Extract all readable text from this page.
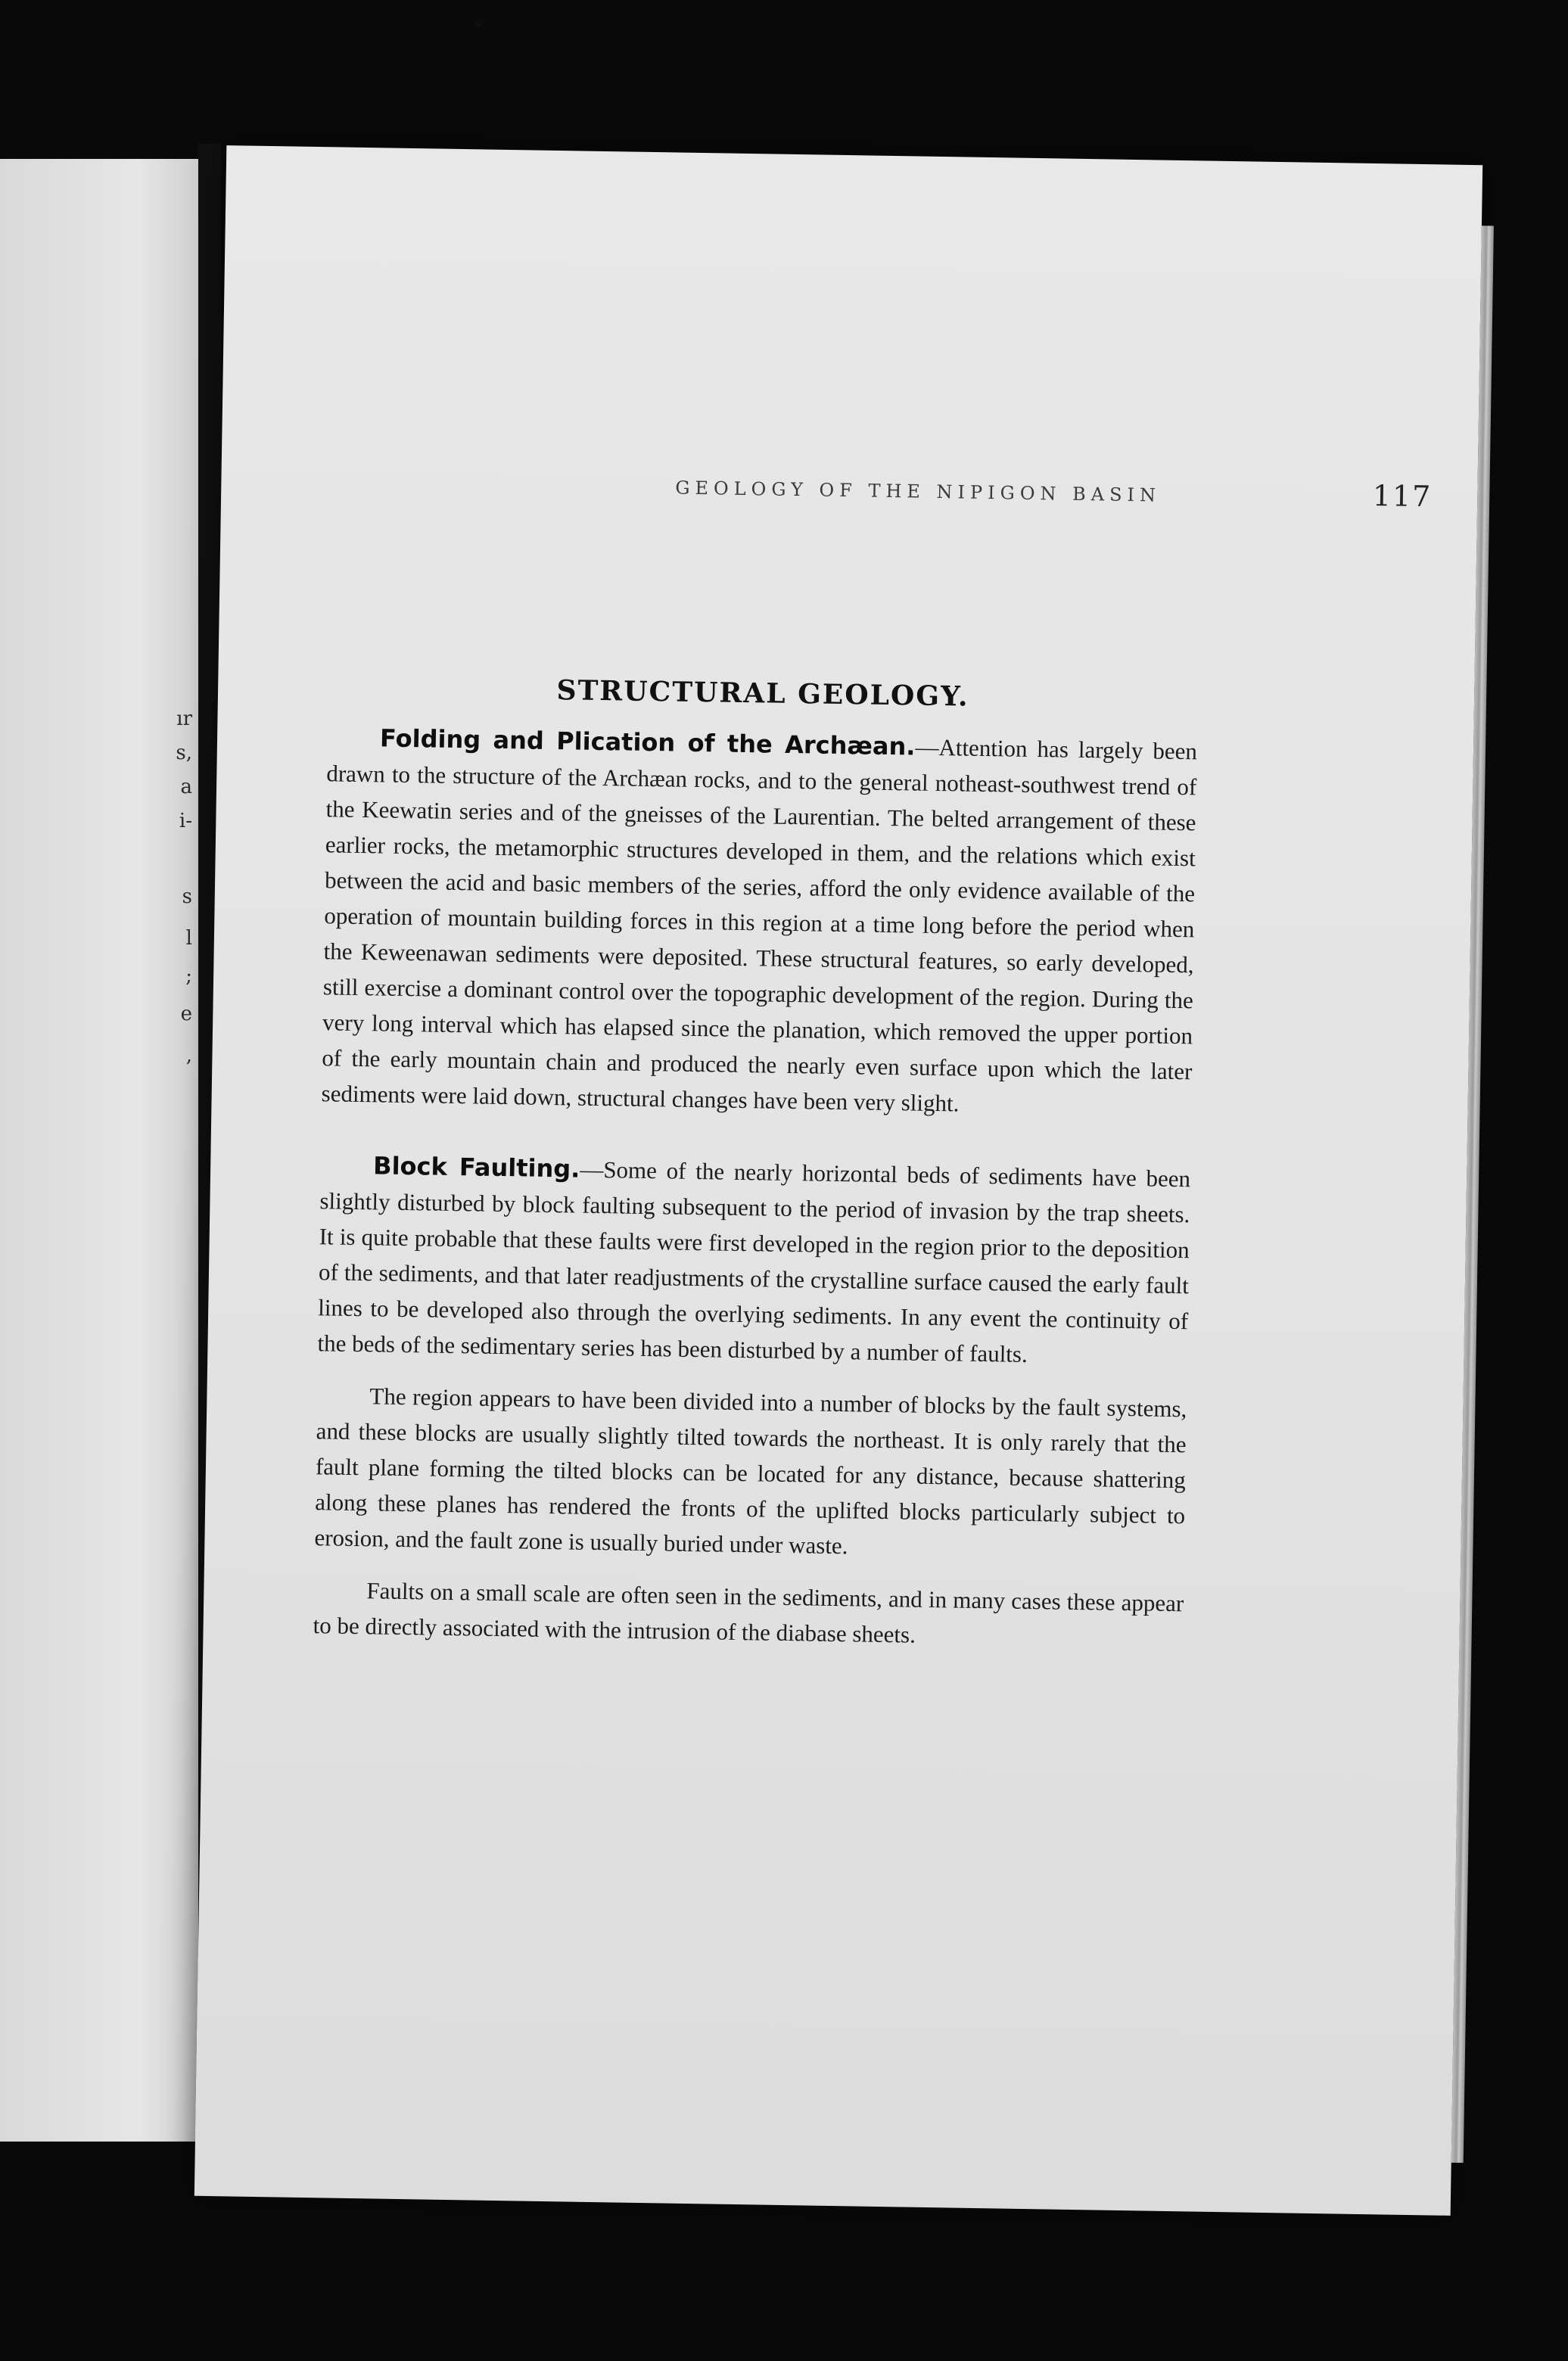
ır
s,
a
i-
s
l
;
e
,
GEOLOGY OF THE NIPIGON BASIN	117
STRUCTURAL GEOLOGY.

Folding and Plication of the Archæan.—Attention has largely been drawn to the structure of the Archæan rocks, and to the general notheast-southwest trend of the Keewatin series and of the gneisses of the Laurentian. The belted arrangement of these earlier rocks, the metamorphic structures developed in them, and the relations which exist between the acid and basic members of the series, afford the only evidence available of the operation of mountain building forces in this region at a time long before the period when the Keweenawan sediments were deposited. These structural features, so early developed, still exercise a dominant control over the topographic development of the region. During the very long interval which has elapsed since the planation, which removed the upper portion of the early mountain chain and produced the nearly even surface upon which the later sediments were laid down, structural changes have been very slight.

Block Faulting.—Some of the nearly horizontal beds of sediments have been slightly disturbed by block faulting subsequent to the period of invasion by the trap sheets. It is quite probable that these faults were first developed in the region prior to the deposition of the sediments, and that later readjustments of the crystalline surface caused the early fault lines to be developed also through the overlying sediments. In any event the continuity of the beds of the sedimentary series has been disturbed by a number of faults.

The region appears to have been divided into a number of blocks by the fault systems, and these blocks are usually slightly tilted towards the northeast. It is only rarely that the fault plane forming the tilted blocks can be located for any distance, because shattering along these planes has rendered the fronts of the uplifted blocks particularly subject to erosion, and the fault zone is usually buried under waste.

Faults on a small scale are often seen in the sediments, and in many cases these appear to be directly associated with the intrusion of the diabase sheets.
